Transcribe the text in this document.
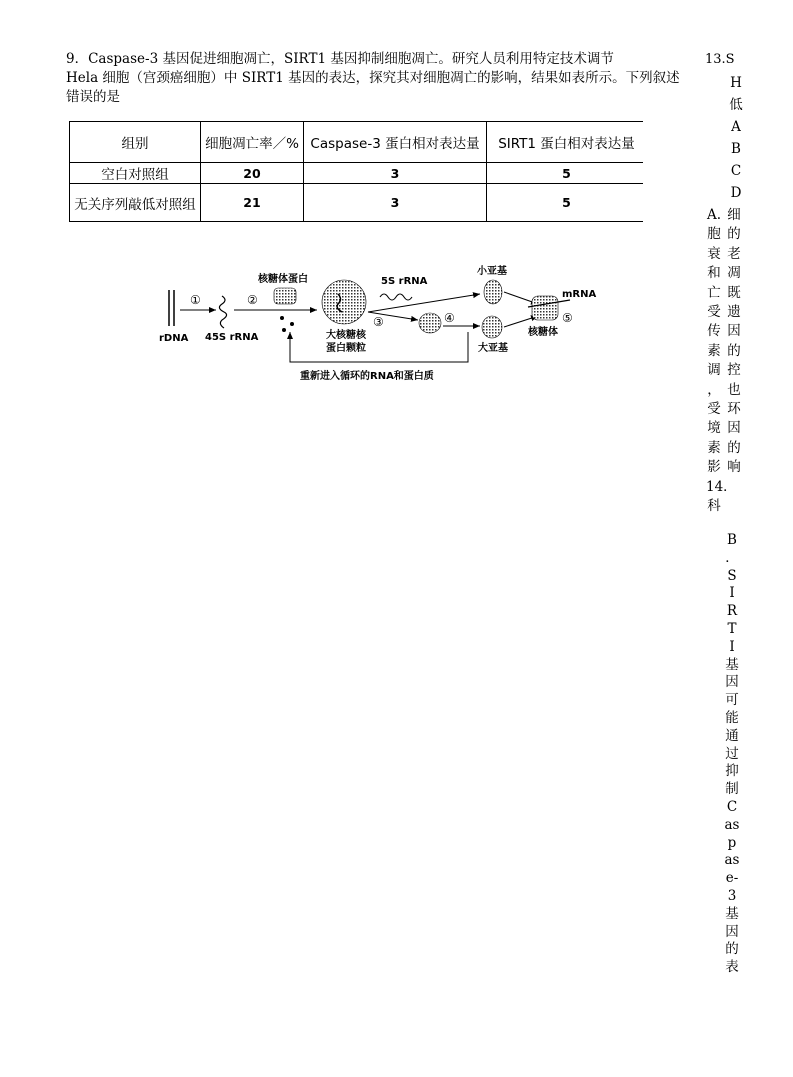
9．Caspase-3 基因促进细胞凋亡，SIRT1 基因抑制细胞凋亡。研究人员利用特定技术调节
Hela 细胞（宫颈癌细胞）中 SIRT1 基因的表达，探究其对细胞凋亡的影响，结果如表所示。下列叙述
错误的是
组别	细胞凋亡率／%	Caspase-3 蛋白相对表达量	SIRT1 蛋白相对表达量
空白对照组	20	3	5
无关序列敲低对照组	21	3	5
rDNA
①
45S rRNA
②
核糖体蛋白
大核糖核
蛋白颗粒
5S rRNA
③	④
小亚基
大亚基
mRNA
⑤
核糖体
重新进入循环的RNA和蛋白质
13.S
H
低
A
B
C
D
A.
胞
衰
和
亡
受
传
素
调
，
受
境
素
影
14．
科
细
的
老
凋
既
遗
因
的
控
也
环
因
的
响
B
．
S
I
R
T
I
基
因
可
能
通
过
抑
制
C
as
p
as
e-
3
基
因
的
表
